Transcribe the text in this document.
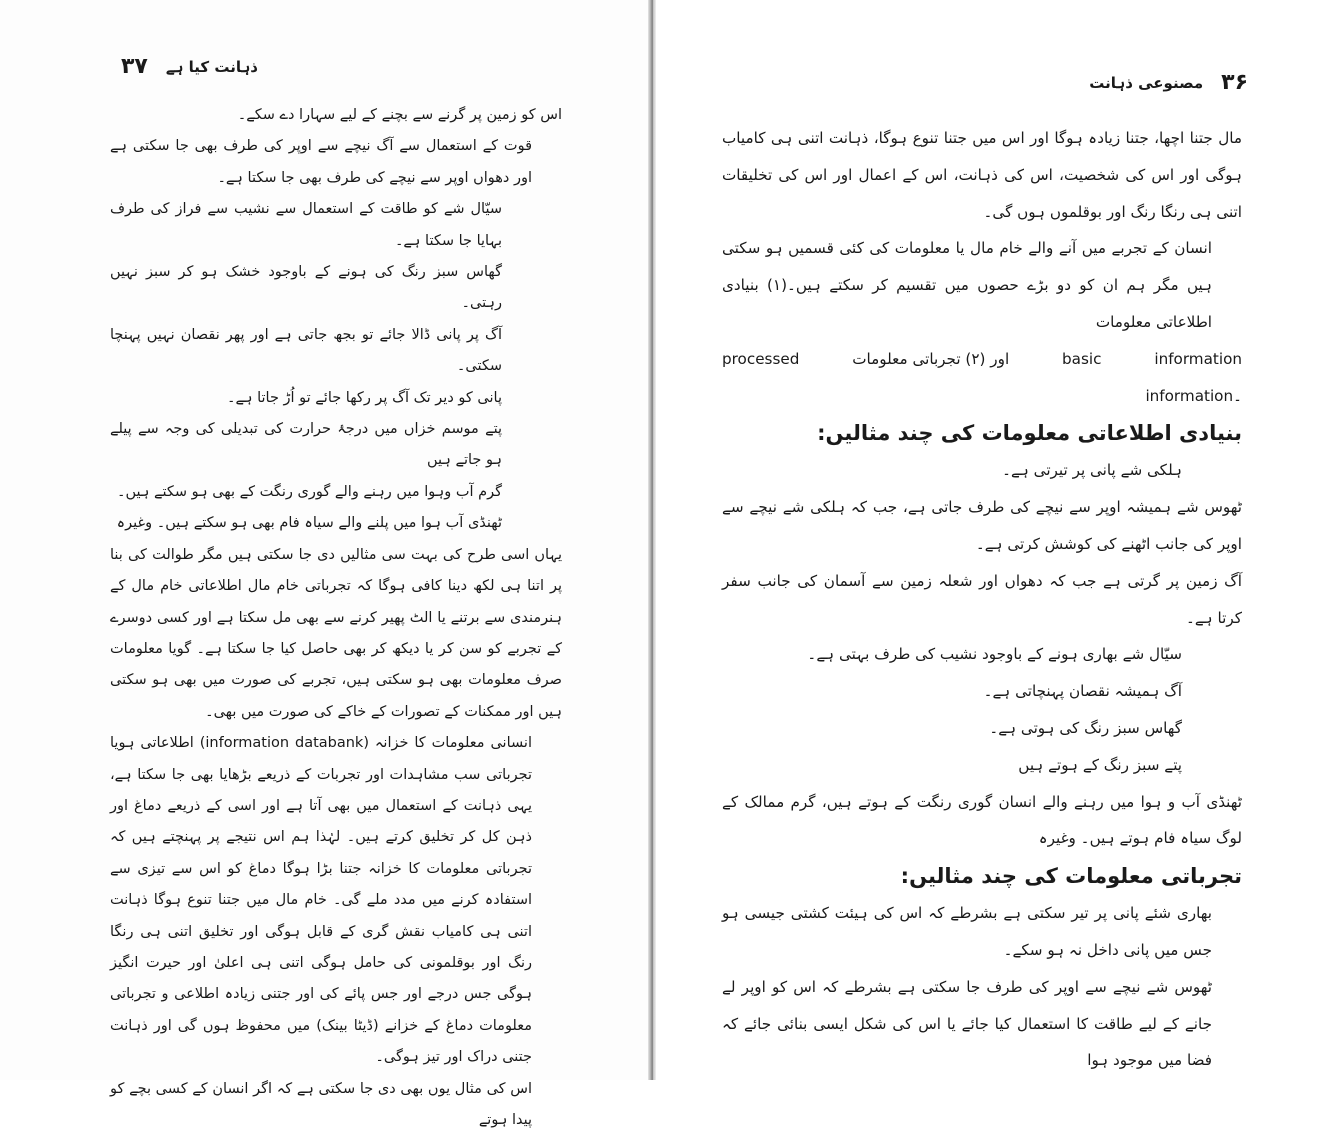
ذہانت کیا ہے
۳۷

اس کو زمین پر گرنے سے بچنے کے لیے سہارا دے سکے۔

قوت کے استعمال سے آگ نیچے سے اوپر کی طرف بھی جا سکتی ہے اور دھواں اوپر سے نیچے کی طرف بھی جا سکتا ہے۔

سیّال شے کو طاقت کے استعمال سے نشیب سے فراز کی طرف بہایا جا سکتا ہے۔

گھاس سبز رنگ کی ہونے کے باوجود خشک ہو کر سبز نہیں رہتی۔

آگ پر پانی ڈالا جائے تو بجھ جاتی ہے اور پھر نقصان نہیں پہنچا سکتی۔

پانی کو دیر تک آگ پر رکھا جائے تو اُڑ جاتا ہے۔

پتے موسم خزاں میں درجۂ حرارت کی تبدیلی کی وجہ سے پیلے ہو جاتے ہیں

گرم آب وہوا میں رہنے والے گوری رنگت کے بھی ہو سکتے ہیں۔

ٹھنڈی آب ہوا میں پلنے والے سیاہ فام بھی ہو سکتے ہیں۔ وغیرہ

یہاں اسی طرح کی بہت سی مثالیں دی جا سکتی ہیں مگر طوالت کی بنا پر اتنا ہی لکھ دینا کافی ہوگا کہ تجرباتی خام مال اطلاعاتی خام مال کے ہنرمندی سے برتنے یا الٹ پھیر کرنے سے بھی مل سکتا ہے اور کسی دوسرے کے تجربے کو سن کر یا دیکھ کر بھی حاصل کیا جا سکتا ہے۔ گویا معلومات صرف معلومات بھی ہو سکتی ہیں، تجربے کی صورت میں بھی ہو سکتی ہیں اور ممکنات کے تصورات کے خاکے کی صورت میں بھی۔

انسانی معلومات کا خزانہ (information databank) اطلاعاتی ہویا تجرباتی سب مشاہدات اور تجربات کے ذریعے بڑھایا بھی جا سکتا ہے، یہی ذہانت کے استعمال میں بھی آتا ہے اور اسی کے ذریعے دماغ اور ذہن کل کر تخلیق کرتے ہیں۔ لہٰذا ہم اس نتیجے پر پہنچتے ہیں کہ تجرباتی معلومات کا خزانہ جتنا بڑا ہوگا دماغ کو اس سے تیزی سے استفادہ کرنے میں مدد ملے گی۔ خام مال میں جتنا تنوع ہوگا ذہانت اتنی ہی کامیاب نقش گری کے قابل ہوگی اور تخلیق اتنی ہی رنگا رنگ اور بوقلمونی کی حامل ہوگی اتنی ہی اعلیٰ اور حیرت انگیز ہوگی جس درجے اور جس پائے کی اور جتنی زیادہ اطلاعی و تجرباتی معلومات دماغ کے خزانے (ڈیٹا بینک) میں محفوظ ہوں گی اور ذہانت جتنی دراک اور تیز ہوگی۔

اس کی مثال یوں بھی دی جا سکتی ہے کہ اگر انسان کے کسی بچے کو پیدا ہوتے

۳۶
مصنوعی ذہانت

مال جتنا اچھا، جتنا زیادہ ہوگا اور اس میں جتنا تنوع ہوگا، ذہانت اتنی ہی کامیاب ہوگی اور اس کی شخصیت، اس کی ذہانت، اس کے اعمال اور اس کی تخلیقات اتنی ہی رنگا رنگ اور بوقلموں ہوں گی۔

انسان کے تجربے میں آنے والے خام مال یا معلومات کی کئی قسمیں ہو سکتی ہیں مگر ہم ان کو دو بڑے حصوں میں تقسیم کر سکتے ہیں۔(۱) بنیادی اطلاعاتی معلومات

information
basic
اور (۲) تجرباتی معلومات
processed

information۔

بنیادی اطلاعاتی معلومات کی چند مثالیں:

ہلکی شے پانی پر تیرتی ہے۔

ٹھوس شے ہمیشہ اوپر سے نیچے کی طرف جاتی ہے، جب کہ ہلکی شے نیچے سے اوپر کی جانب اٹھنے کی کوشش کرتی ہے۔

آگ زمین پر گرتی ہے جب کہ دھواں اور شعلہ زمین سے آسمان کی جانب سفر کرتا ہے۔

سیّال شے بھاری ہونے کے باوجود نشیب کی طرف بہتی ہے۔

آگ ہمیشہ نقصان پہنچاتی ہے۔

گھاس سبز رنگ کی ہوتی ہے۔

پتے سبز رنگ کے ہوتے ہیں

ٹھنڈی آب و ہوا میں رہنے والے انسان گوری رنگت کے ہوتے ہیں، گرم ممالک کے لوگ سیاہ فام ہوتے ہیں۔ وغیرہ

تجرباتی معلومات کی چند مثالیں:

بھاری شئے پانی پر تیر سکتی ہے بشرطے کہ اس کی ہیئت کشتی جیسی ہو جس میں پانی داخل نہ ہو سکے۔

ٹھوس شے نیچے سے اوپر کی طرف جا سکتی ہے بشرطے کہ اس کو اوپر لے جانے کے لیے طاقت کا استعمال کیا جائے یا اس کی شکل ایسی بنائی جائے کہ فضا میں موجود ہوا
